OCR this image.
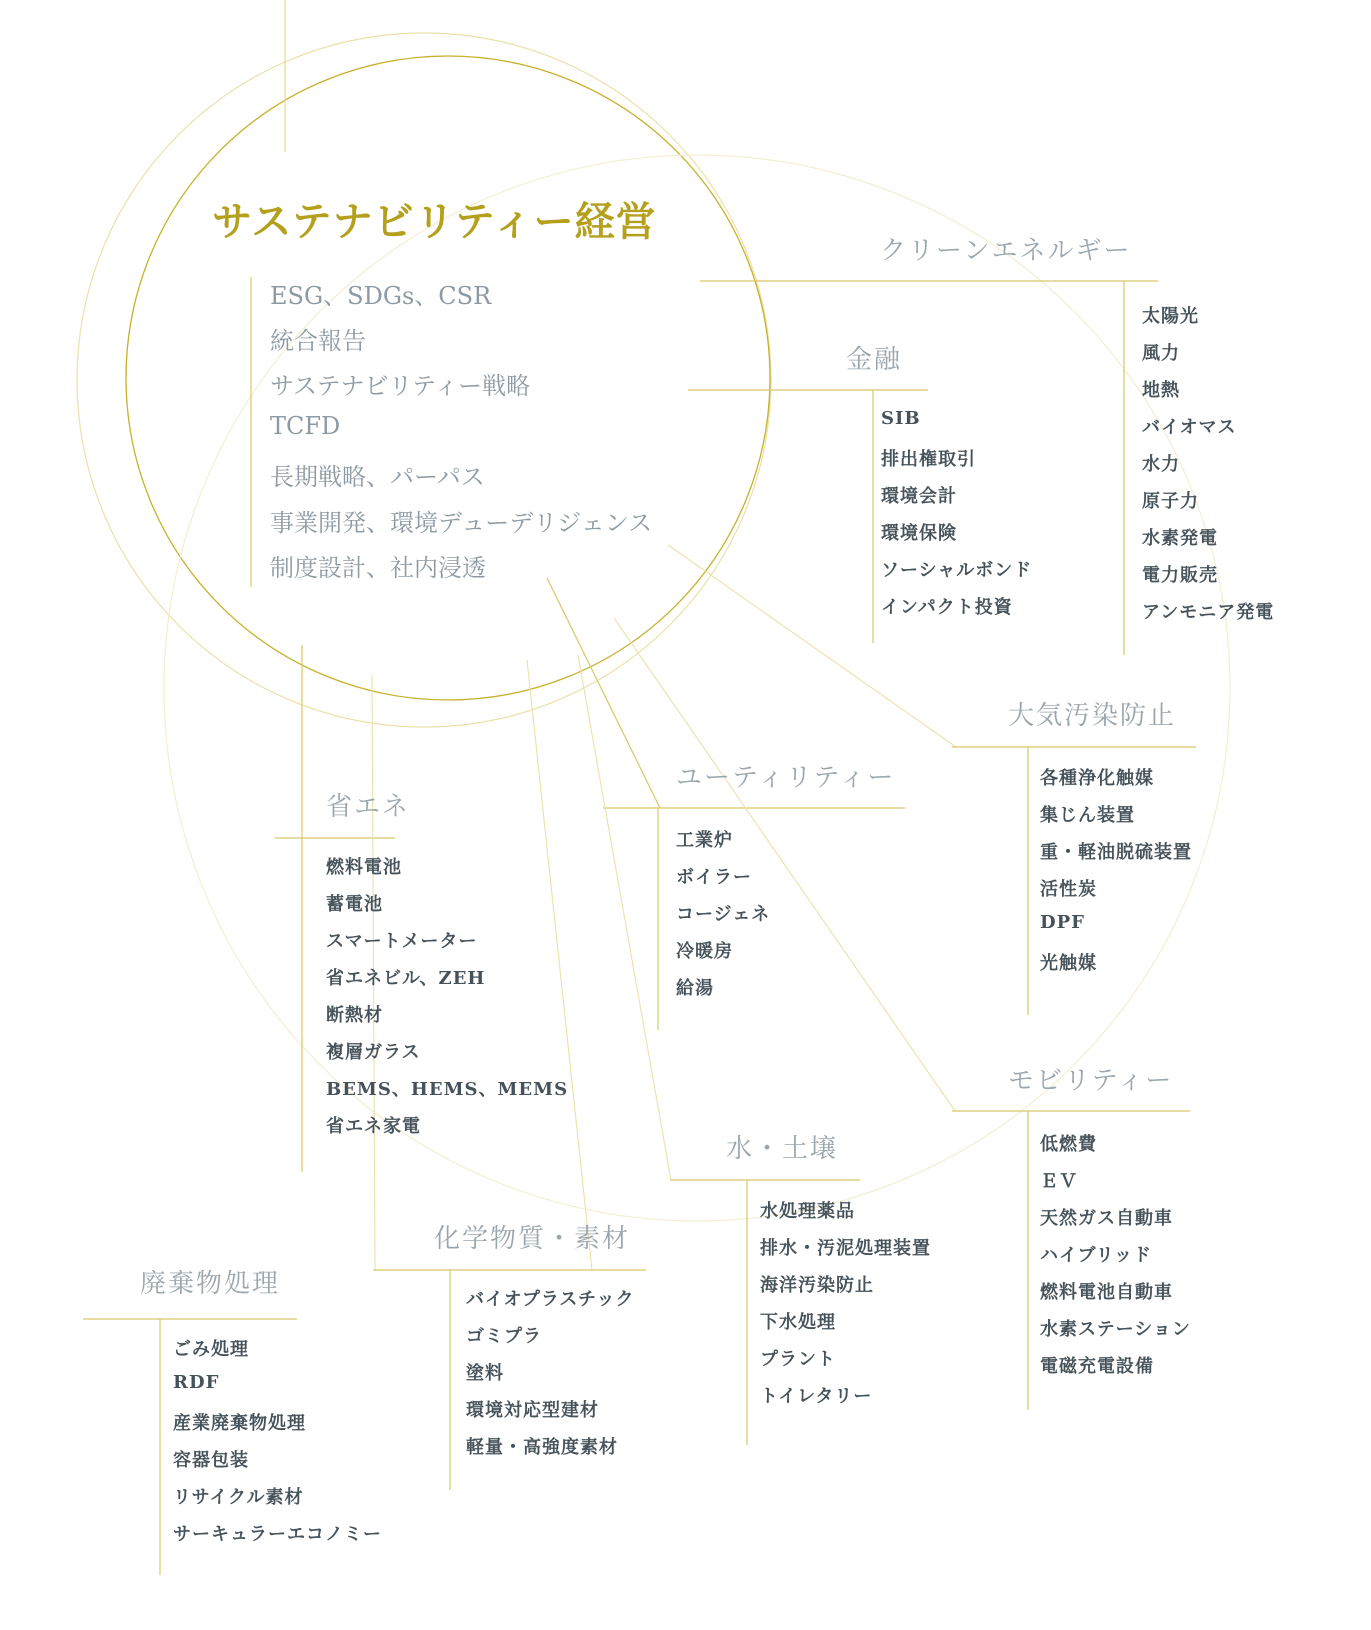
サステナビリティー経営
ESG、SDGs、CSR
統合報告
サステナビリティー戦略
TCFD
長期戦略、パーパス
事業開発、環境デューデリジェンス
制度設計、社内浸透
クリーンエネルギー
太陽光
風力
地熱
バイオマス
水力
原子力
水素発電
電力販売
アンモニア発電
金融
SIB
排出権取引
環境会計
環境保険
ソーシャルボンド
インパクト投資
大気汚染防止
各種浄化触媒
集じん装置
重・軽油脱硫装置
活性炭
DPF
光触媒
ユーティリティー
工業炉
ボイラー
コージェネ
冷暖房
給湯
省エネ
燃料電池
蓄電池
スマートメーター
省エネビル、ZEH
断熱材
複層ガラス
BEMS、HEMS、MEMS
省エネ家電
モビリティー
低燃費
ＥＶ
天然ガス自動車
ハイブリッド
燃料電池自動車
水素ステーション
電磁充電設備
水・土壌
水処理薬品
排水・汚泥処理装置
海洋汚染防止
下水処理
プラント
トイレタリー
化学物質・素材
バイオプラスチック
ゴミプラ
塗料
環境対応型建材
軽量・高強度素材
廃棄物処理
ごみ処理
RDF
産業廃棄物処理
容器包装
リサイクル素材
サーキュラーエコノミー
